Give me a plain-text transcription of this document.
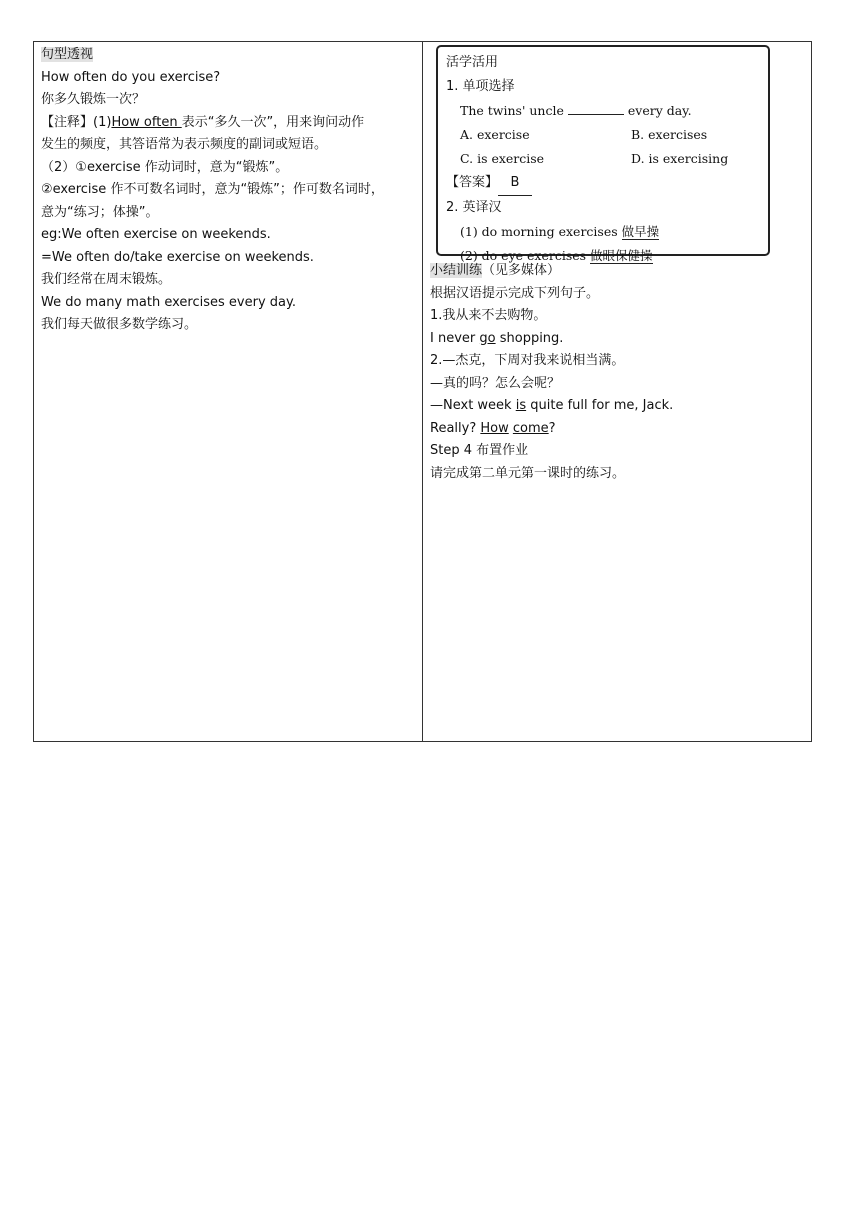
句型透视
How often do you exercise?
你多久锻炼一次？
【注释】(1)How often 表示“多久一次”，用来询问动作
发生的频度，其答语常为表示频度的副词或短语。
（2）①exercise 作动词时，意为“锻炼”。
②exercise 作不可数名词时，意为“锻炼”；作可数名词时，
意为“练习；体操”。
eg:We often exercise on weekends.
=We often do/take exercise on weekends.
我们经常在周末锻炼。
We do many math exercises every day.
我们每天做很多数学练习。

活学活用
1. 单项选择
The twins' uncle	every day.
A. exercise	B. exercises
C. is exercise	D. is exercising
【答案】 B
2. 英译汉
(1) do morning exercises 做早操
(2) do eye exercises 做眼保健操
小结训练（见多媒体）
根据汉语提示完成下列句子。
1.我从来不去购物。
I never go shopping.
2.—杰克，下周对我来说相当满。
—真的吗？怎么会呢？
—Next week is quite full for me, Jack.
Really? How come?
Step 4 布置作业
请完成第二单元第一课时的练习。
